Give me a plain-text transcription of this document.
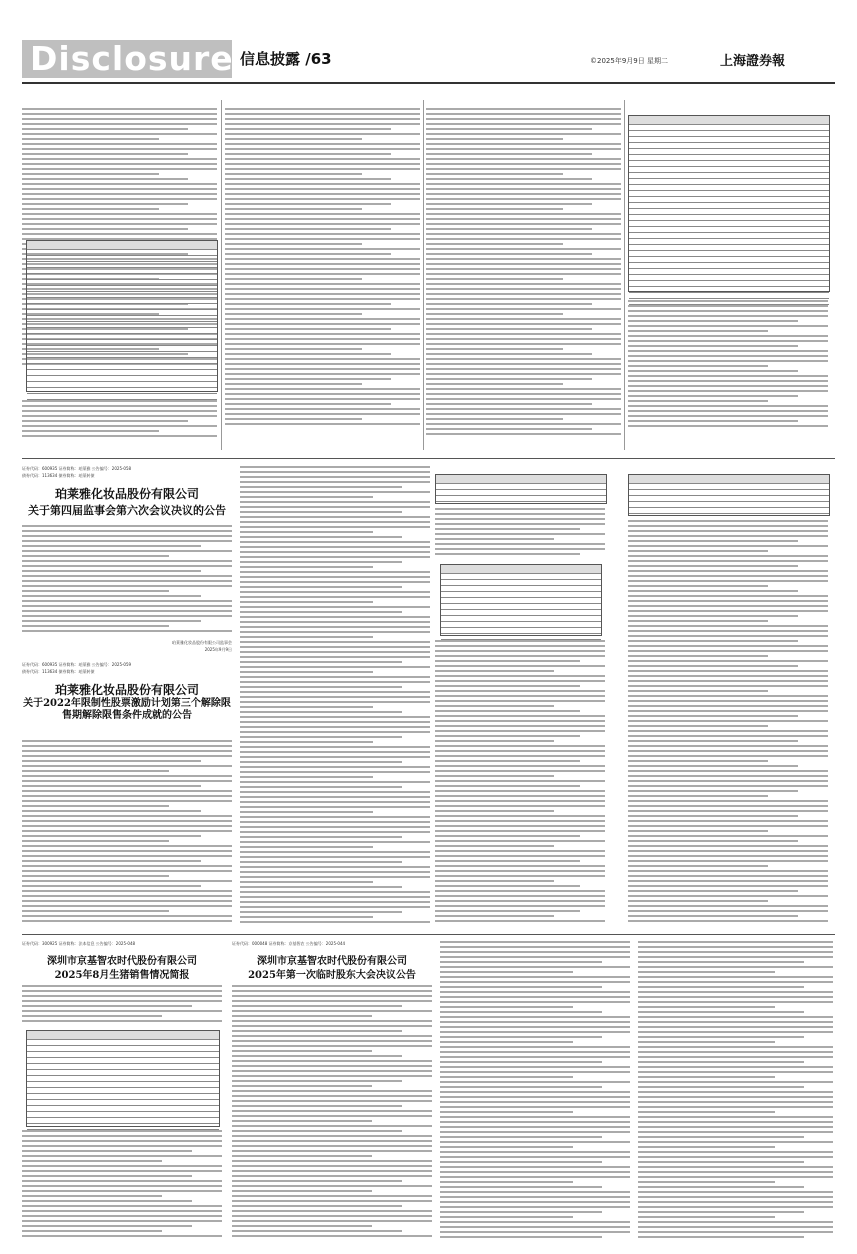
Disclosure 信息披露 /63	©2025年9月9日 星期二	上海證券報
证券代码：600935 证券简称：珀莱雅 公告编号：2025-058
债券代码：113634 债券简称：珀莱转债
珀莱雅化妆品股份有限公司
关于第四届监事会第六次会议决议的公告
珀莱雅化妆品股份有限公司监事会
2025年9月9日
证券代码：600935 证券简称：珀莱雅 公告编号：2025-059
债券代码：113634 债券简称：珀莱转债
珀莱雅化妆品股份有限公司
关于2022年限制性股票激励计划第三个解除限售期解除限售条件成就的公告
证券代码：300925 证券简称：法本信息 公告编号：2025-048
深圳市京基智农时代股份有限公司
2025年8月生猪销售情况简报
证券代码：000048 证券简称：京基智农 公告编号：2025-044
深圳市京基智农时代股份有限公司
2025年第一次临时股东大会决议公告
